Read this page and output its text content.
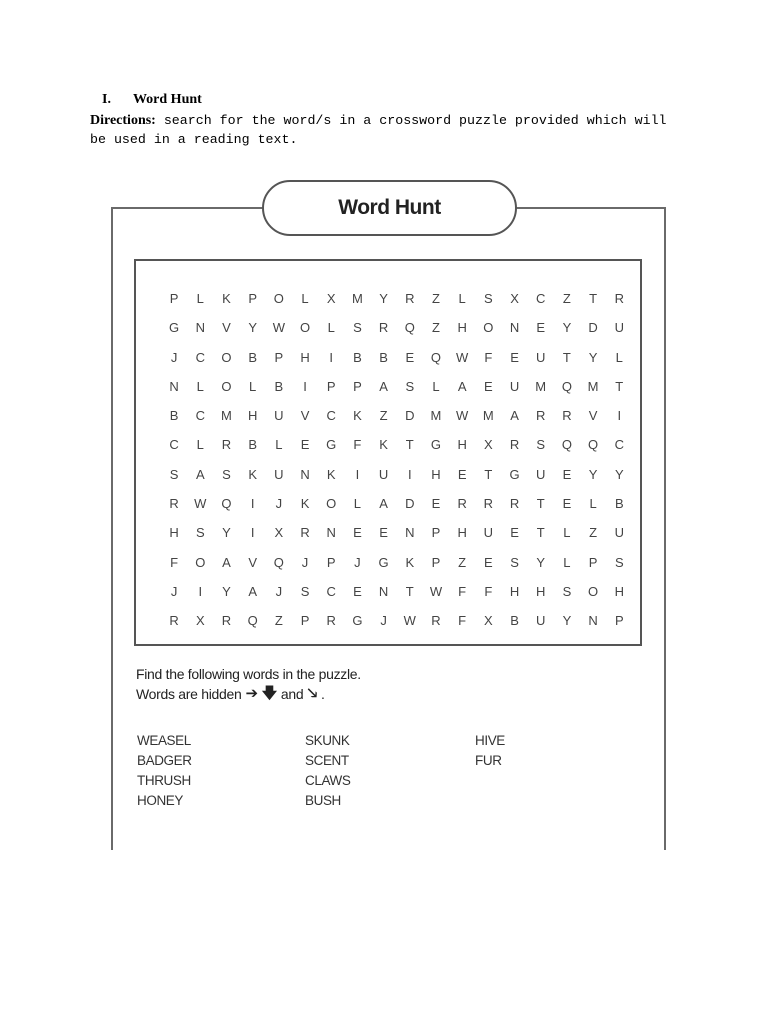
I. Word Hunt
Directions: search for the word/s in a crossword puzzle provided which will be used in a reading text.
Word Hunt
P	L	K	P	O	L	X	M	Y	R	Z	L	S	X	C	Z	T	R
G	N	V	Y	W	O	L	S	R	Q	Z	H	O	N	E	Y	D	U
J	C	O	B	P	H	I	B	B	E	Q	W	F	E	U	T	Y	L
N	L	O	L	B	I	P	P	A	S	L	A	E	U	M	Q	M	T
B	C	M	H	U	V	C	K	Z	D	M	W	M	A	R	R	V	I
C	L	R	B	L	E	G	F	K	T	G	H	X	R	S	Q	Q	C
S	A	S	K	U	N	K	I	U	I	H	E	T	G	U	E	Y	Y
R	W	Q	I	J	K	O	L	A	D	E	R	R	R	T	E	L	B
H	S	Y	I	X	R	N	E	E	N	P	H	U	E	T	L	Z	U
F	O	A	V	Q	J	P	J	G	K	P	Z	E	S	Y	L	P	S
J	I	Y	A	J	S	C	E	N	T	W	F	F	H	H	S	O	H
R	X	R	Q	Z	P	R	G	J	W	R	F	X	B	U	Y	N	P
Find the following words in the puzzle.
Words are hidden ➔ 🡇 and 🡖 .
WEASEL
BADGER
THRUSH
HONEY
SKUNK
SCENT
CLAWS
BUSH
HIVE
FUR
